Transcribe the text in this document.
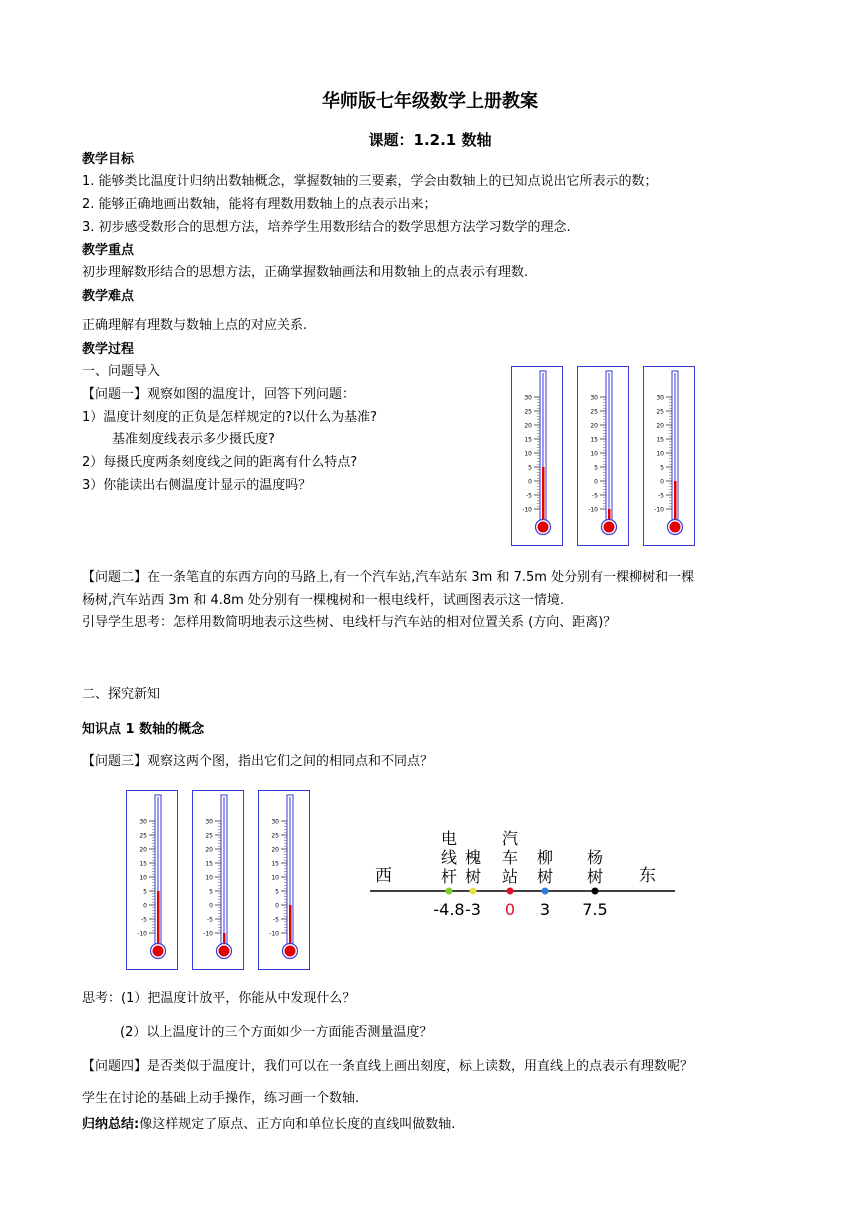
华师版七年级数学上册教案
课题：1.2.1 数轴
教学目标
1. 能够类比温度计归纳出数轴概念，掌握数轴的三要素，学会由数轴上的已知点说出它所表示的数；
2. 能够正确地画出数轴，能将有理数用数轴上的点表示出来；
3. 初步感受数形合的思想方法，培养学生用数形结合的数学思想方法学习数学的理念.
教学重点
初步理解数形结合的思想方法，正确掌握数轴画法和用数轴上的点表示有理数.
教学难点
正确理解有理数与数轴上点的对应关系.
教学过程
一、问题导入
【问题一】观察如图的温度计，回答下列问题：
1）温度计刻度的正负是怎样规定的?以什么为基准?
基准刻度线表示多少摄氏度?
2）每摄氏度两条刻度线之间的距离有什么特点?
3）你能读出右侧温度计显示的温度吗？
30
25
20
15
10
5
0
-5
-10
30
25
20
15
10
5
0
-5
-10
30
25
20
15
10
5
0
-5
-10
【问题二】在一条笔直的东西方向的马路上,有一个汽车站,汽车站东 3m 和 7.5m 处分别有一棵柳树和一棵
杨树,汽车站西 3m 和 4.8m 处分别有一棵槐树和一根电线杆，试画图表示这一情境.
引导学生思考：怎样用数简明地表示这些树、电线杆与汽车站的相对位置关系 (方向、距离)？
二、探究新知
知识点 1 数轴的概念
【问题三】观察这两个图，指出它们之间的相同点和不同点？
30
25
20
15
10
5
0
-5
-10
30
25
20
15
10
5
0
-5
-10
30
25
20
15
10
5
0
-5
-10
西	东
电
线
杆
-4.8
槐
树
-3
汽
车
站
0
柳
树
3
杨
树
7.5
思考：(1）把温度计放平，你能从中发现什么？
(2）以上温度计的三个方面如少一方面能否测量温度？
【问题四】是否类似于温度计，我们可以在一条直线上画出刻度，标上读数，用直线上的点表示有理数呢？
学生在讨论的基础上动手操作，练习画一个数轴.
归纳总结:像这样规定了原点、正方向和单位长度的直线叫做数轴.
